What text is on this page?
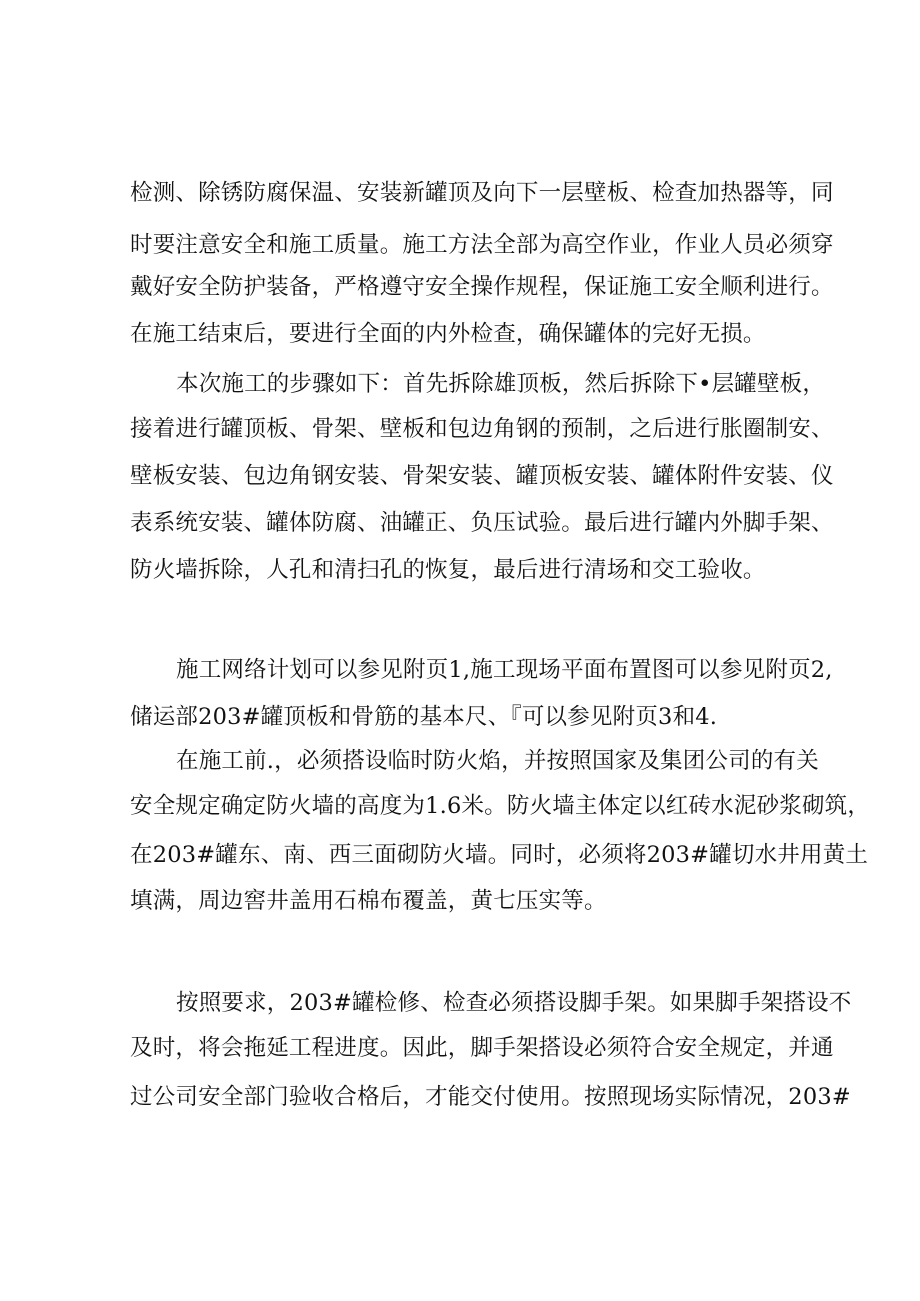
检测、除锈防腐保温、安装新罐顶及向下一层壁板、检查加热器等，同
时要注意安全和施工质量。施工方法全部为高空作业，作业人员必须穿
戴好安全防护装备，严格遵守安全操作规程，保证施工安全顺利进行。
在施工结束后，要进行全面的内外检查，确保罐体的完好无损。
本次施工的步骤如下：首先拆除雄顶板，然后拆除下•层罐壁板，
接着进行罐顶板、骨架、壁板和包边角钢的预制，之后进行胀圈制安、
壁板安装、包边角钢安装、骨架安装、罐顶板安装、罐体附件安装、仪
表系统安装、罐体防腐、油罐正、负压试验。最后进行罐内外脚手架、
防火墙拆除，人孔和清扫孔的恢复，最后进行清场和交工验收。
施工网络计划可以参见附页1,施工现场平面布置图可以参见附页2,
储运部203#罐顶板和骨筋的基本尺、『可以参见附页3和4.
在施工前.，必须搭设临时防火焰，并按照国家及集团公司的有关
安全规定确定防火墙的高度为1.6米。防火墙主体定以红砖水泥砂浆砌筑，
在203#罐东、南、西三面砌防火墙。同时，必须将203#罐切水井用黄土
填满，周边窖井盖用石棉布覆盖，黄七压实等。
按照要求，203#罐检修、检查必须搭设脚手架。如果脚手架搭设不
及时，将会拖延工程进度。因此，脚手架搭设必须符合安全规定，并通
过公司安全部门验收合格后，才能交付使用。按照现场实际情况，203#
